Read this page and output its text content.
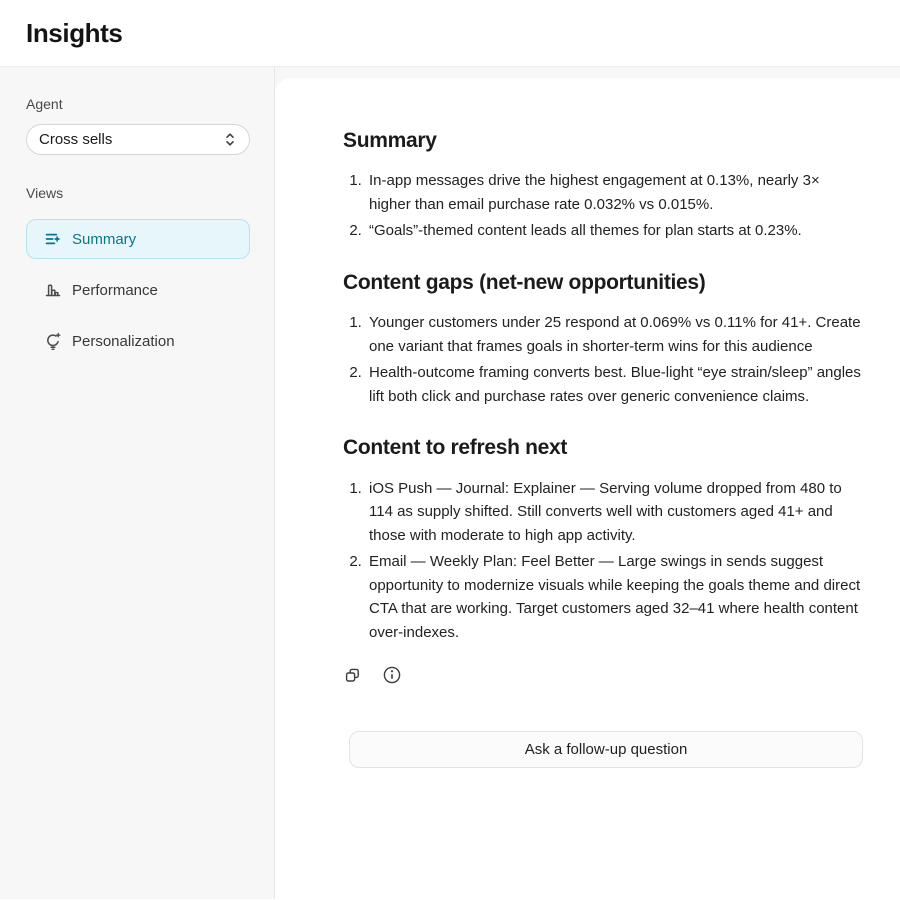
Insights
Agent
Cross sells
Views
Summary
Performance
Personalization
Summary
1. In-app messages drive the highest engagement at 0.13%, nearly 3× higher than email purchase rate 0.032% vs 0.015%.
2. “Goals”-themed content leads all themes for plan starts at 0.23%.
Content gaps (net-new opportunities)
1. Younger customers under 25 respond at 0.069% vs 0.11% for 41+. Create one variant that frames goals in shorter-term wins for this audience
2. Health-outcome framing converts best. Blue-light “eye strain/sleep” angles lift both click and purchase rates over generic convenience claims.
Content to refresh next
1. iOS Push — Journal: Explainer — Serving volume dropped from 480 to 114 as supply shifted. Still converts well with customers aged 41+ and those with moderate to high app activity.
2. Email — Weekly Plan: Feel Better — Large swings in sends suggest opportunity to modernize visuals while keeping the goals theme and direct CTA that are working. Target customers aged 32–41 where health content over-indexes.
Ask a follow-up question
